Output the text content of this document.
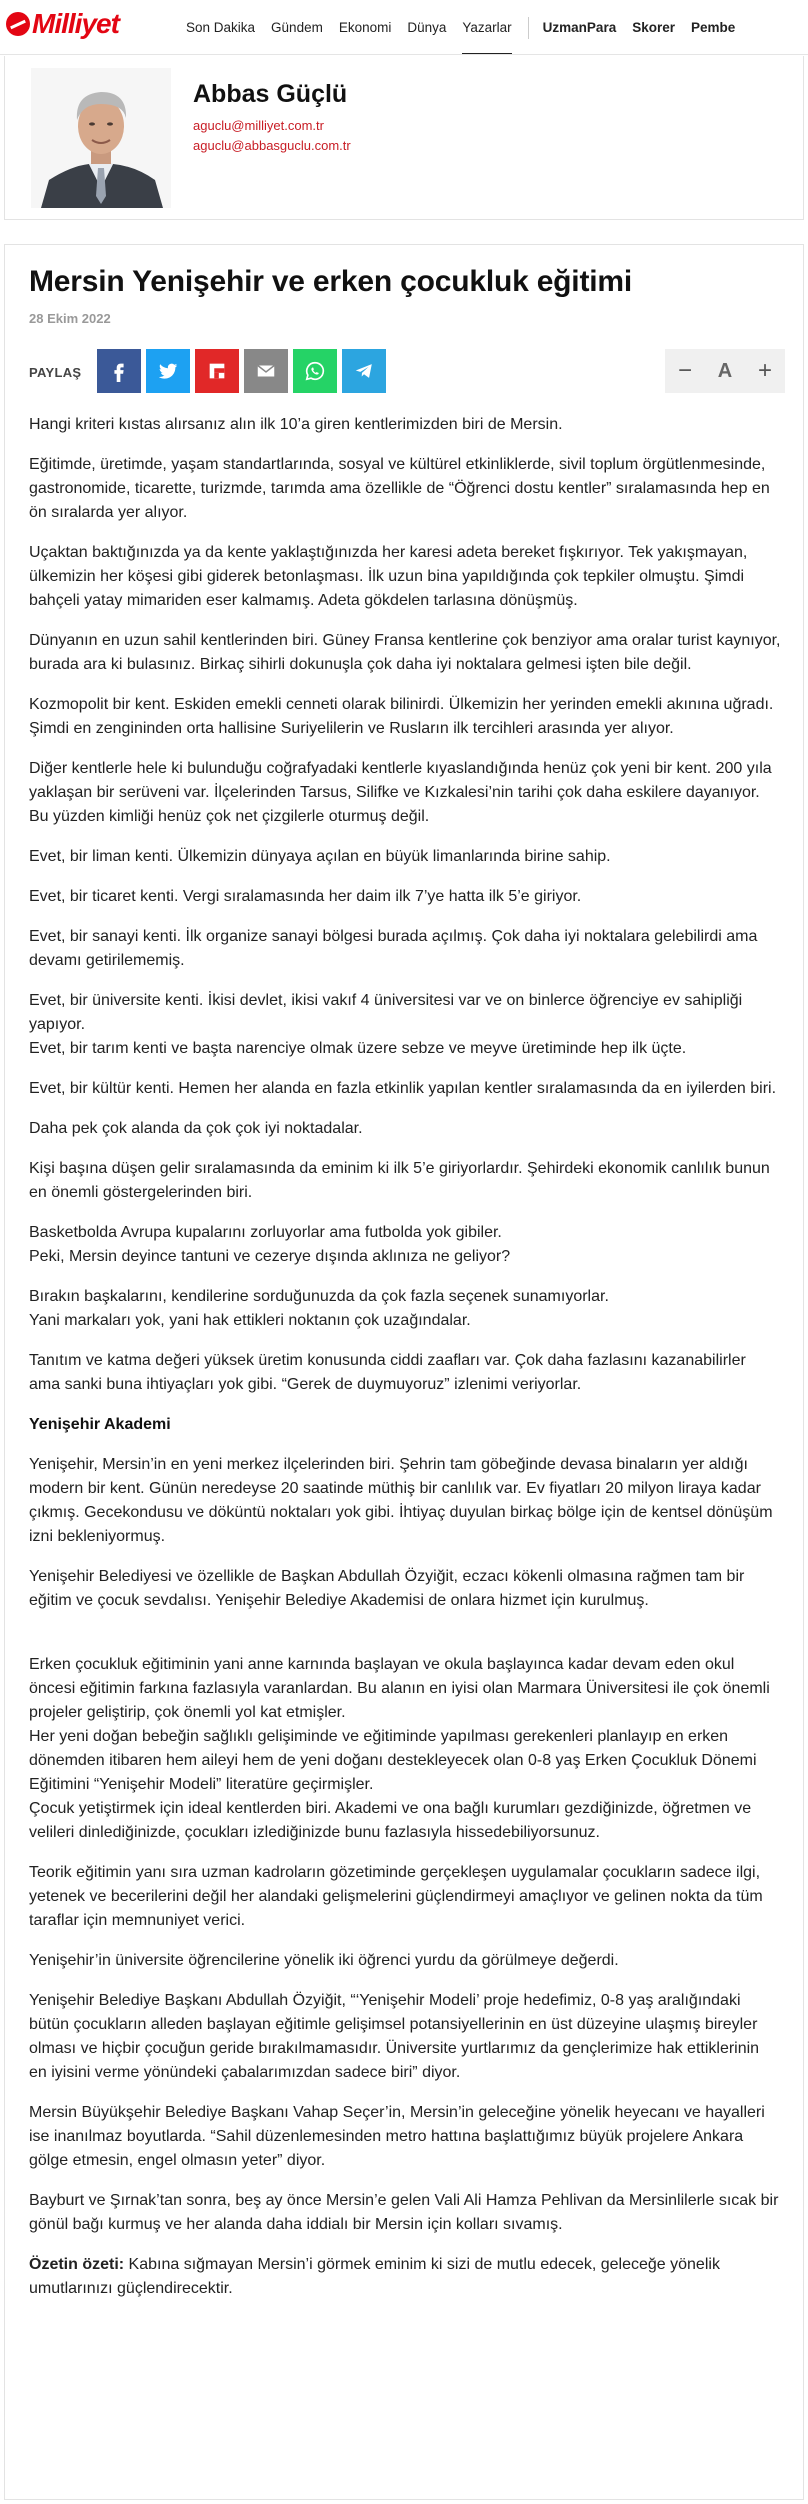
Milliyet	Son Dakika Gündem Ekonomi Dünya Yazarlar UzmanPara Skorer Pembe
Abbas Güçlü
aguclu@milliyet.com.tr
aguclu@abbasguclu.com.tr
Mersin Yenişehir ve erken çocukluk eğitimi
28 Ekim 2022
PAYLAŞ	−	A	+

Hangi kriteri kıstas alırsanız alın ilk 10’a giren kentlerimizden biri de Mersin.

Eğitimde, üretimde, yaşam standartlarında, sosyal ve kültürel etkinliklerde, sivil toplum örgütlenmesinde, gastronomide, ticarette, turizmde, tarımda ama özellikle de “Öğrenci dostu kentler” sıralamasında hep en ön sıralarda yer alıyor.

Uçaktan baktığınızda ya da kente yaklaştığınızda her karesi adeta bereket fışkırıyor. Tek yakışmayan, ülkemizin her köşesi gibi giderek betonlaşması. İlk uzun bina yapıldığında çok tepkiler olmuştu. Şimdi bahçeli yatay mimariden eser kalmamış. Adeta gökdelen tarlasına dönüşmüş.

Dünyanın en uzun sahil kentlerinden biri. Güney Fransa kentlerine çok benziyor ama oralar turist kaynıyor, burada ara ki bulasınız. Birkaç sihirli dokunuşla çok daha iyi noktalara gelmesi işten bile değil.

Kozmopolit bir kent. Eskiden emekli cenneti olarak bilinirdi. Ülkemizin her yerinden emekli akınına uğradı. Şimdi en zengininden orta hallisine Suriyelilerin ve Rusların ilk tercihleri arasında yer alıyor.

Diğer kentlerle hele ki bulunduğu coğrafyadaki kentlerle kıyaslandığında henüz çok yeni bir kent. 200 yıla yaklaşan bir serüveni var. İlçelerinden Tarsus, Silifke ve Kızkalesi’nin tarihi çok daha eskilere dayanıyor. Bu yüzden kimliği henüz çok net çizgilerle oturmuş değil.

Evet, bir liman kenti. Ülkemizin dünyaya açılan en büyük limanlarında birine sahip.

Evet, bir ticaret kenti. Vergi sıralamasında her daim ilk 7’ye hatta ilk 5’e giriyor.

Evet, bir sanayi kenti. İlk organize sanayi bölgesi burada açılmış. Çok daha iyi noktalara gelebilirdi ama devamı getirilememiş.

Evet, bir üniversite kenti. İkisi devlet, ikisi vakıf 4 üniversitesi var ve on binlerce öğrenciye ev sahipliği yapıyor.
Evet, bir tarım kenti ve başta narenciye olmak üzere sebze ve meyve üretiminde hep ilk üçte.

Evet, bir kültür kenti. Hemen her alanda en fazla etkinlik yapılan kentler sıralamasında da en iyilerden biri.

Daha pek çok alanda da çok çok iyi noktadalar.

Kişi başına düşen gelir sıralamasında da eminim ki ilk 5’e giriyorlardır. Şehirdeki ekonomik canlılık bunun en önemli göstergelerinden biri.

Basketbolda Avrupa kupalarını zorluyorlar ama futbolda yok gibiler.
Peki, Mersin deyince tantuni ve cezerye dışında aklınıza ne geliyor?

Bırakın başkalarını, kendilerine sorduğunuzda da çok fazla seçenek sunamıyorlar.
Yani markaları yok, yani hak ettikleri noktanın çok uzağındalar.

Tanıtım ve katma değeri yüksek üretim konusunda ciddi zaafları var. Çok daha fazlasını kazanabilirler ama sanki buna ihtiyaçları yok gibi. “Gerek de duymuyoruz” izlenimi veriyorlar.

Yenişehir Akademi

Yenişehir, Mersin’in en yeni merkez ilçelerinden biri. Şehrin tam göbeğinde devasa binaların yer aldığı modern bir kent. Günün neredeyse 20 saatinde müthiş bir canlılık var. Ev fiyatları 20 milyon liraya kadar çıkmış. Gecekondusu ve döküntü noktaları yok gibi. İhtiyaç duyulan birkaç bölge için de kentsel dönüşüm izni bekleniyormuş.

Yenişehir Belediyesi ve özellikle de Başkan Abdullah Özyiğit, eczacı kökenli olmasına rağmen tam bir eğitim ve çocuk sevdalısı. Yenişehir Belediye Akademisi de onlara hizmet için kurulmuş.

Erken çocukluk eğitiminin yani anne karnında başlayan ve okula başlayınca kadar devam eden okul öncesi eğitimin farkına fazlasıyla varanlardan. Bu alanın en iyisi olan Marmara Üniversitesi ile çok önemli projeler geliştirip, çok önemli yol kat etmişler.
Her yeni doğan bebeğin sağlıklı gelişiminde ve eğitiminde yapılması gerekenleri planlayıp en erken dönemden itibaren hem aileyi hem de yeni doğanı destekleyecek olan 0-8 yaş Erken Çocukluk Dönemi Eğitimini “Yenişehir Modeli” literatüre geçirmişler.
Çocuk yetiştirmek için ideal kentlerden biri. Akademi ve ona bağlı kurumları gezdiğinizde, öğretmen ve velileri dinlediğinizde, çocukları izlediğinizde bunu fazlasıyla hissedebiliyorsunuz.

Teorik eğitimin yanı sıra uzman kadroların gözetiminde gerçekleşen uygulamalar çocukların sadece ilgi, yetenek ve becerilerini değil her alandaki gelişmelerini güçlendirmeyi amaçlıyor ve gelinen nokta da tüm taraflar için memnuniyet verici.

Yenişehir’in üniversite öğrencilerine yönelik iki öğrenci yurdu da görülmeye değerdi.

Yenişehir Belediye Başkanı Abdullah Özyiğit, “‘Yenişehir Modeli’ proje hedefimiz, 0-8 yaş aralığındaki bütün çocukların alleden başlayan eğitimle gelişimsel potansiyellerinin en üst düzeyine ulaşmış bireyler olması ve hiçbir çocuğun geride bırakılmamasıdır. Üniversite yurtlarımız da gençlerimize hak ettiklerinin en iyisini verme yönündeki çabalarımızdan sadece biri” diyor.

Mersin Büyükşehir Belediye Başkanı Vahap Seçer’in, Mersin’in geleceğine yönelik heyecanı ve hayalleri ise inanılmaz boyutlarda. “Sahil düzenlemesinden metro hattına başlattığımız büyük projelere Ankara gölge etmesin, engel olmasın yeter” diyor.

Bayburt ve Şırnak’tan sonra, beş ay önce Mersin’e gelen Vali Ali Hamza Pehlivan da Mersinlilerle sıcak bir gönül bağı kurmuş ve her alanda daha iddialı bir Mersin için kolları sıvamış.

Özetin özeti: Kabına sığmayan Mersin’i görmek eminim ki sizi de mutlu edecek, geleceğe yönelik umutlarınızı güçlendirecektir.
